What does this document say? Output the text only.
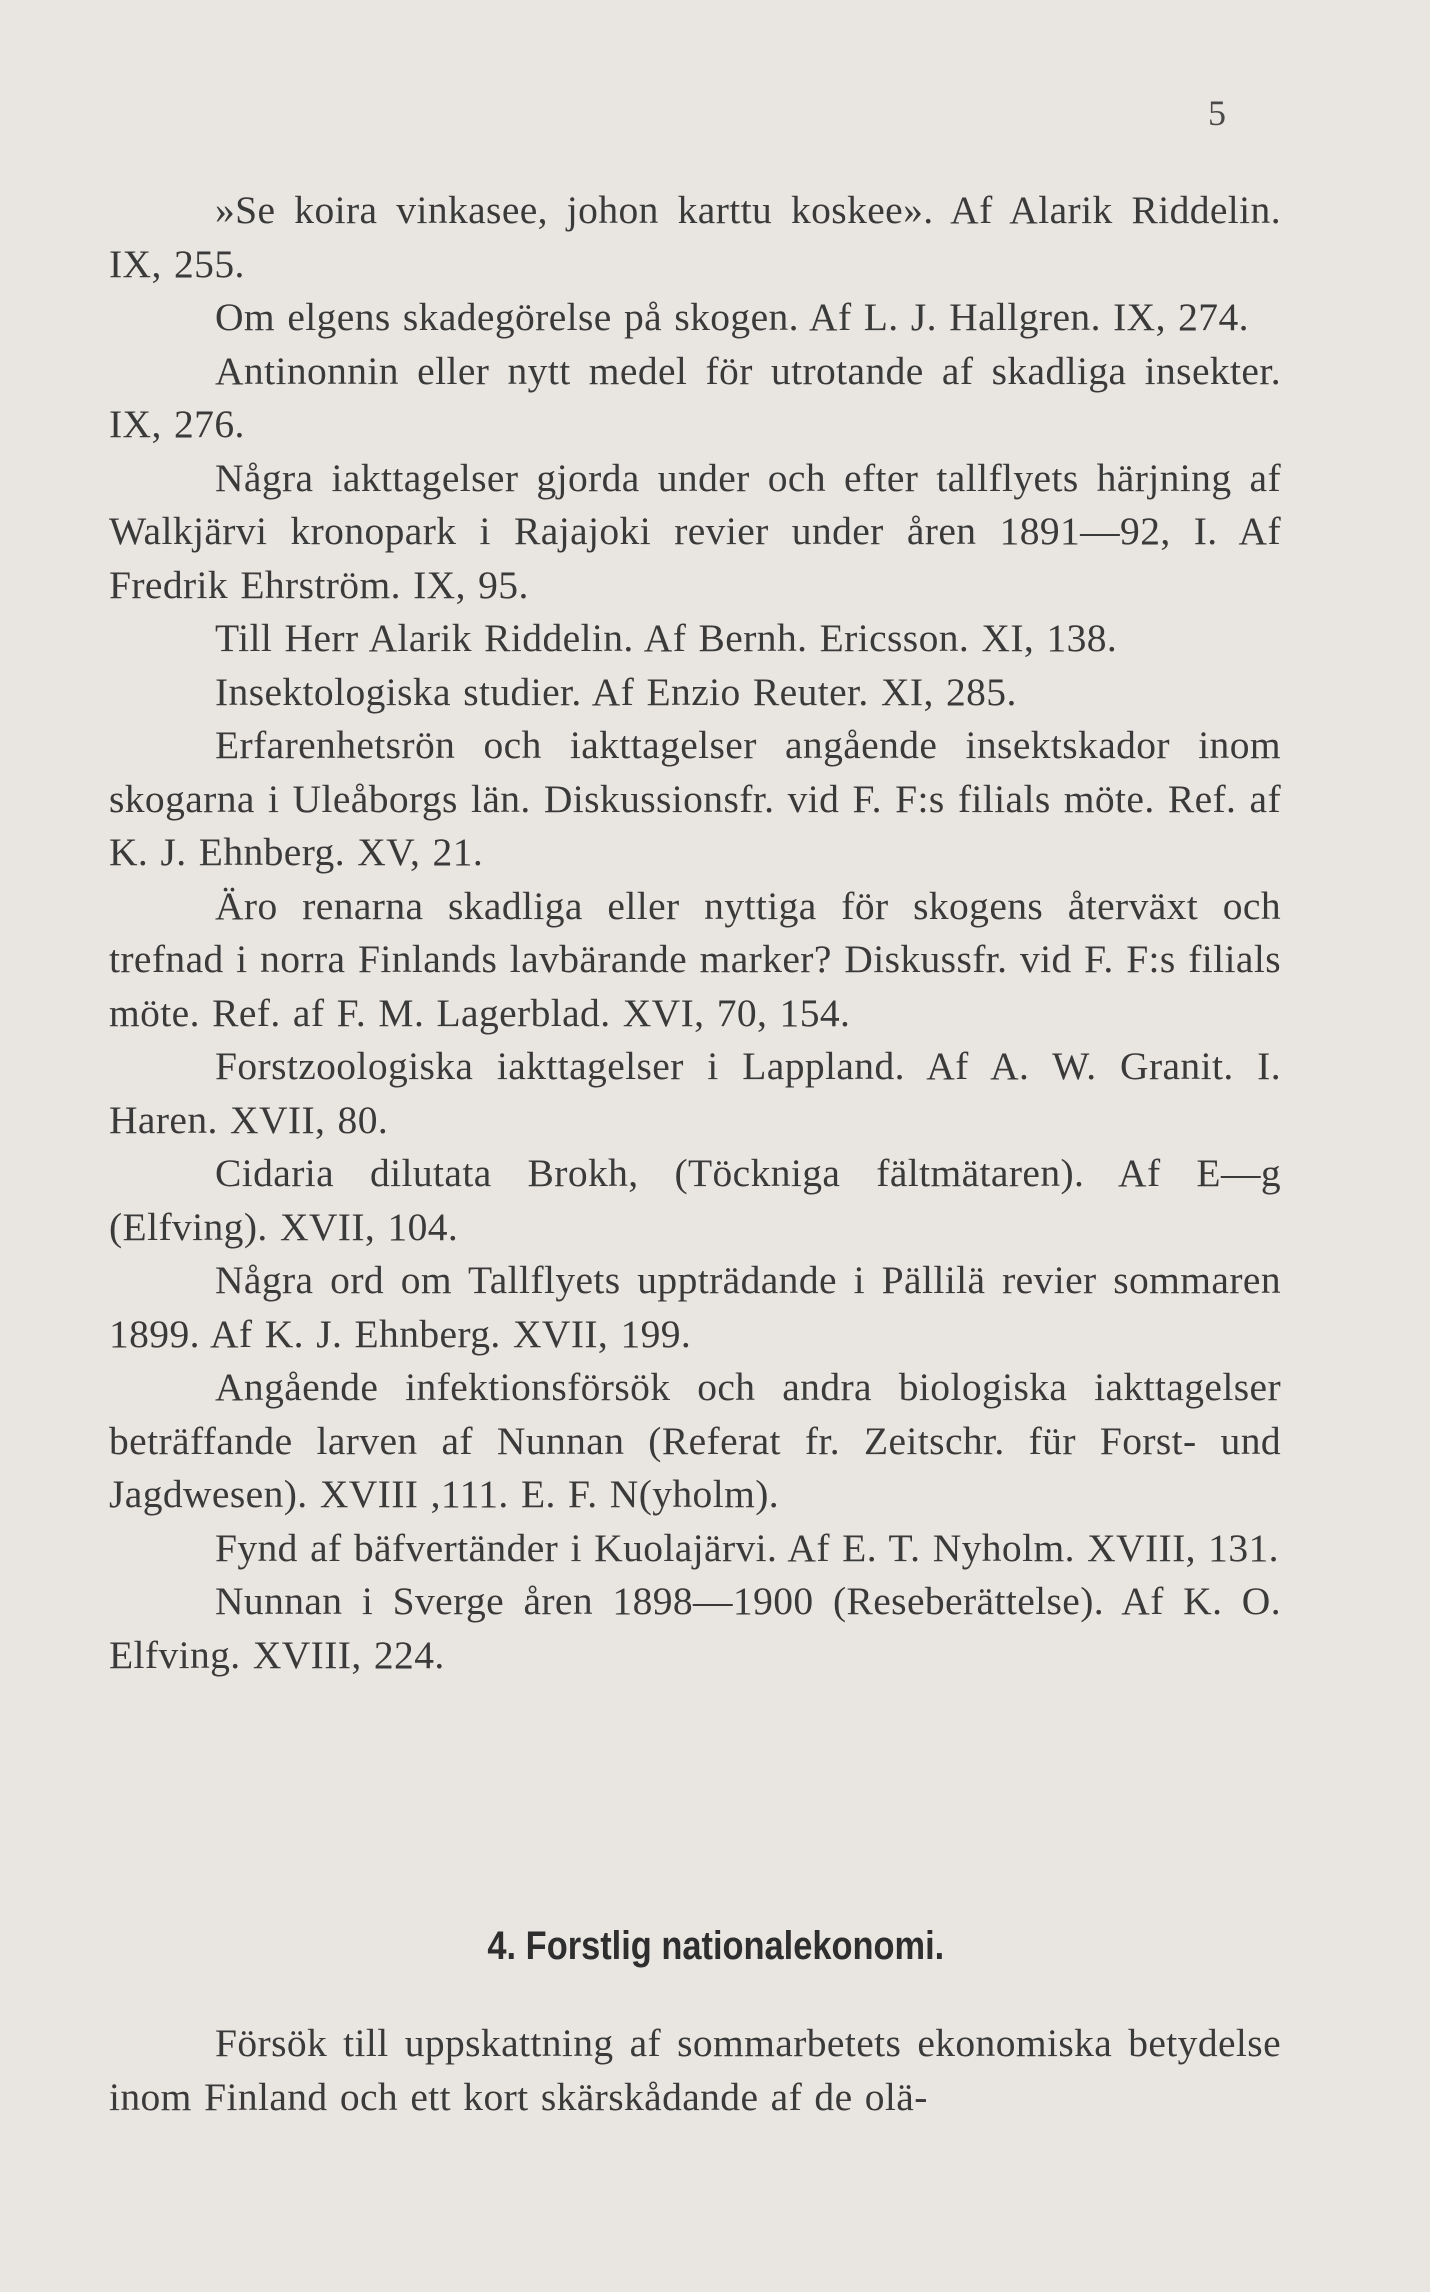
5

»Se koira vinkasee, johon karttu koskee». Af Alarik Riddelin. IX, 255.

Om elgens skadegörelse på skogen. Af L. J. Hallgren. IX, 274.

Antinonnin eller nytt medel för utrotande af skadliga insekter. IX, 276.

Några iakttagelser gjorda under och efter tallflyets härjning af Walkjärvi kronopark i Rajajoki revier under åren 1891—92, I. Af Fredrik Ehrström. IX, 95.

Till Herr Alarik Riddelin. Af Bernh. Ericsson. XI, 138.

Insektologiska studier. Af Enzio Reuter. XI, 285.

Erfarenhetsrön och iakttagelser angående insektskador inom skogarna i Uleåborgs län. Diskussionsfr. vid F. F:s filials möte. Ref. af K. J. Ehnberg. XV, 21.

Äro renarna skadliga eller nyttiga för skogens återväxt och trefnad i norra Finlands lavbärande marker? Diskussfr. vid F. F:s filials möte. Ref. af F. M. Lagerblad. XVI, 70, 154.

Forstzoologiska iakttagelser i Lappland. Af A. W. Granit. I. Haren. XVII, 80.

Cidaria dilutata Brokh, (Töckniga fältmätaren). Af E—g (Elfving). XVII, 104.

Några ord om Tallflyets uppträdande i Pällilä revier sommaren 1899. Af K. J. Ehnberg. XVII, 199.

Angående infektionsförsök och andra biologiska iakttagelser beträffande larven af Nunnan (Referat fr. Zeitschr. für Forst- und Jagdwesen). XVIII ,111. E. F. N(yholm).

Fynd af bäfvertänder i Kuolajärvi. Af E. T. Nyholm. XVIII, 131.

Nunnan i Sverge åren 1898—1900 (Reseberättelse). Af K. O. Elfving. XVIII, 224.

4. Forstlig nationalekonomi.

Försök till uppskattning af sommarbetets ekonomiska betydelse inom Finland och ett kort skärskådande af de olä-
